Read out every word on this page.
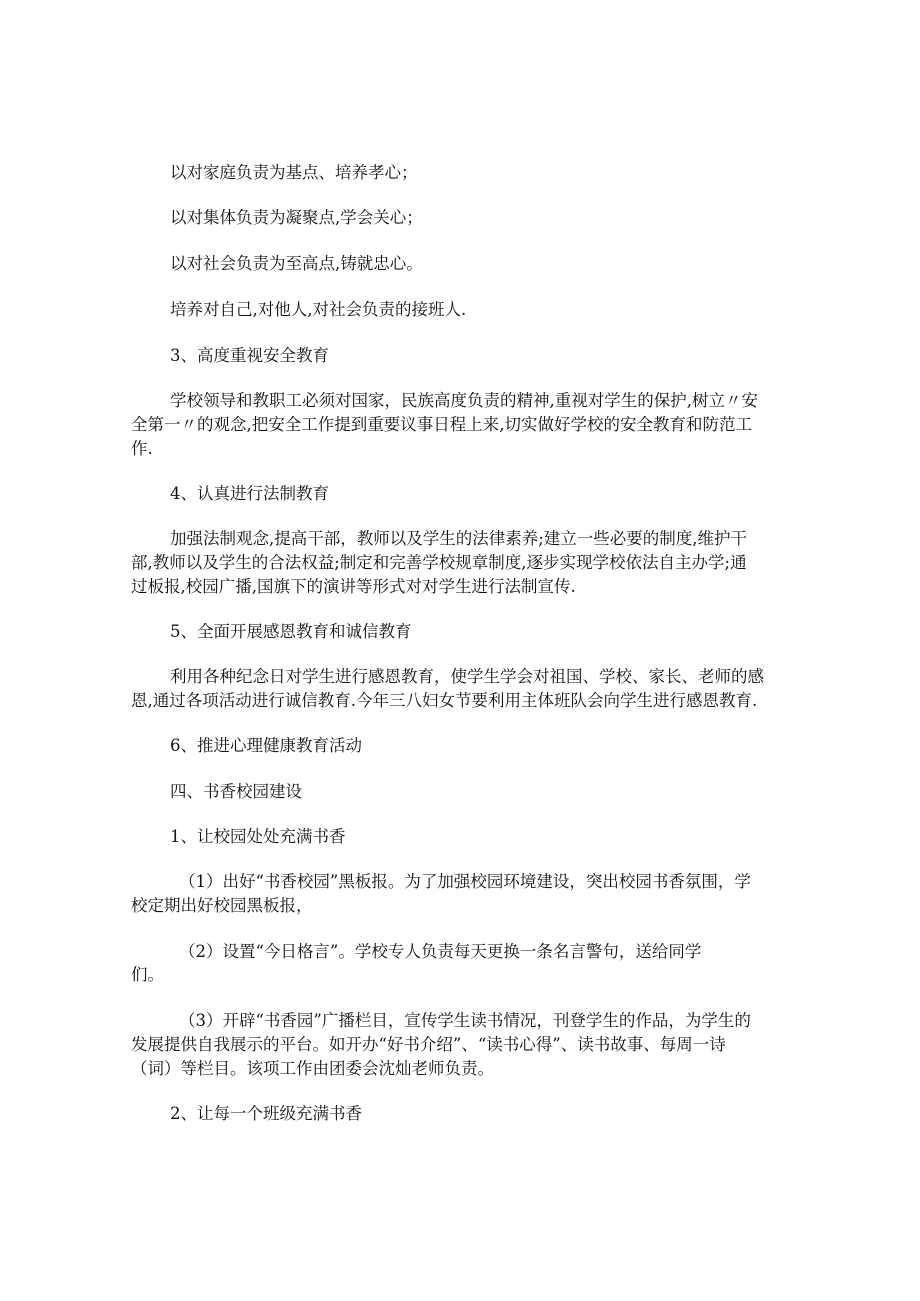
以对家庭负责为基点、培养孝心；
以对集体负责为凝聚点,学会关心；
以对社会负责为至高点,铸就忠心。
培养对自己,对他人,对社会负责的接班人.
3、高度重视安全教育
学校领导和教职工必须对国家，民族高度负责的精神,重视对学生的保护,树立〃安
全第一〃的观念,把安全工作提到重要议事日程上来,切实做好学校的安全教育和防范工
作.
4、认真进行法制教育
加强法制观念,提高干部，教师以及学生的法律素养;建立一些必要的制度,维护干
部,教师以及学生的合法权益;制定和完善学校规章制度,逐步实现学校依法自主办学;通
过板报,校园广播,国旗下的演讲等形式对对学生进行法制宣传.
5、全面开展感恩教育和诚信教育
利用各种纪念日对学生进行感恩教育，使学生学会对祖国、学校、家长、老师的感
恩,通过各项活动进行诚信教育.今年三八妇女节要利用主体班队会向学生进行感恩教育.
6、推进心理健康教育活动
四、书香校园建设
1、让校园处处充满书香
（1）出好“书香校园”黑板报。为了加强校园环境建设，突出校园书香氛围，学
校定期出好校园黑板报，
（2）设置“今日格言”。学校专人负责每天更换一条名言警句，送给同学
们。
（3）开辟“书香园”广播栏目，宣传学生读书情况，刊登学生的作品，为学生的
发展提供自我展示的平台。如开办“好书介绍”、“读书心得”、读书故事、每周一诗
（词）等栏目。该项工作由团委会沈灿老师负责。
2、让每一个班级充满书香
